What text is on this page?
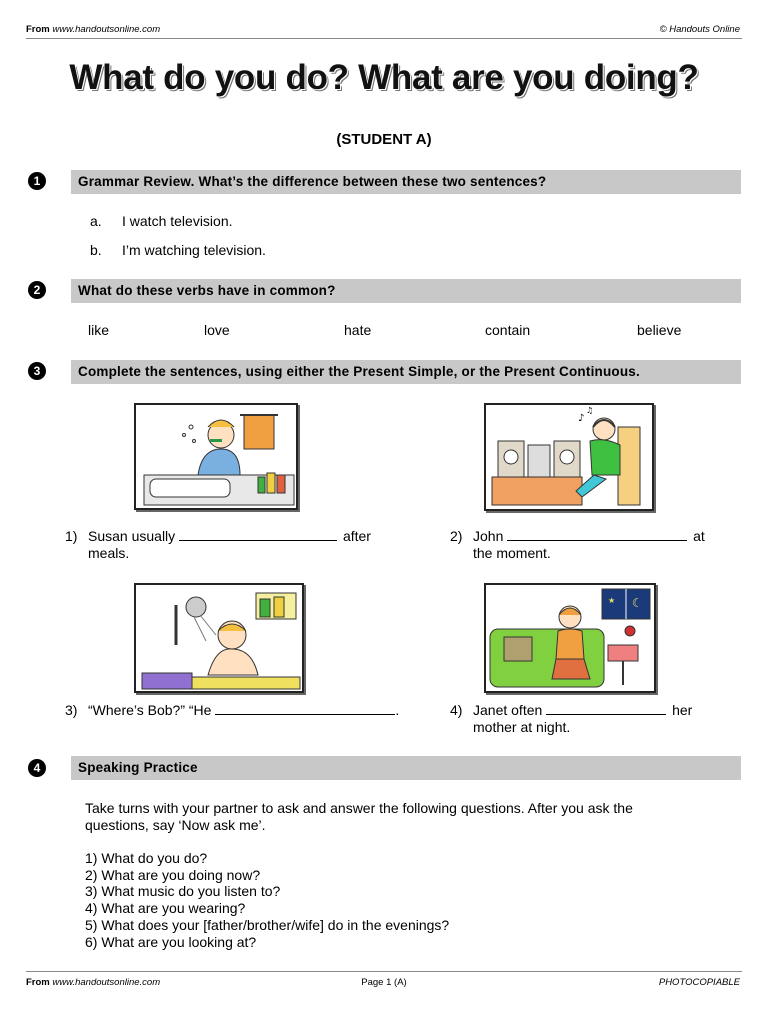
From www.handoutsonline.com	© Handouts Online
What do you do? What are you doing?
(STUDENT A)
1	Grammar Review. What’s the difference between these two sentences?
a. I watch television.
b. I’m watching television.
2	What do these verbs have in common?
like	love	hate	contain	believe
3	Complete the sentences, using either the Present Simple, or the Present Continuous.
♪
♫
1) Susan usually	after
meals.
2) John	at
the moment.
☾
★
3) “Where’s Bob?” “He	.	4) Janet often	her
mother at night.
4	Speaking Practice
Take turns with your partner to ask and answer the following questions. After you ask the
questions, say ‘Now ask me’.
1) What do you do?
2) What are you doing now?
3) What music do you listen to?
4) What are you wearing?
5) What does your [father/brother/wife] do in the evenings?
6) What are you looking at?
From www.handoutsonline.com	Page 1 (A)	PHOTOCOPIABLE
